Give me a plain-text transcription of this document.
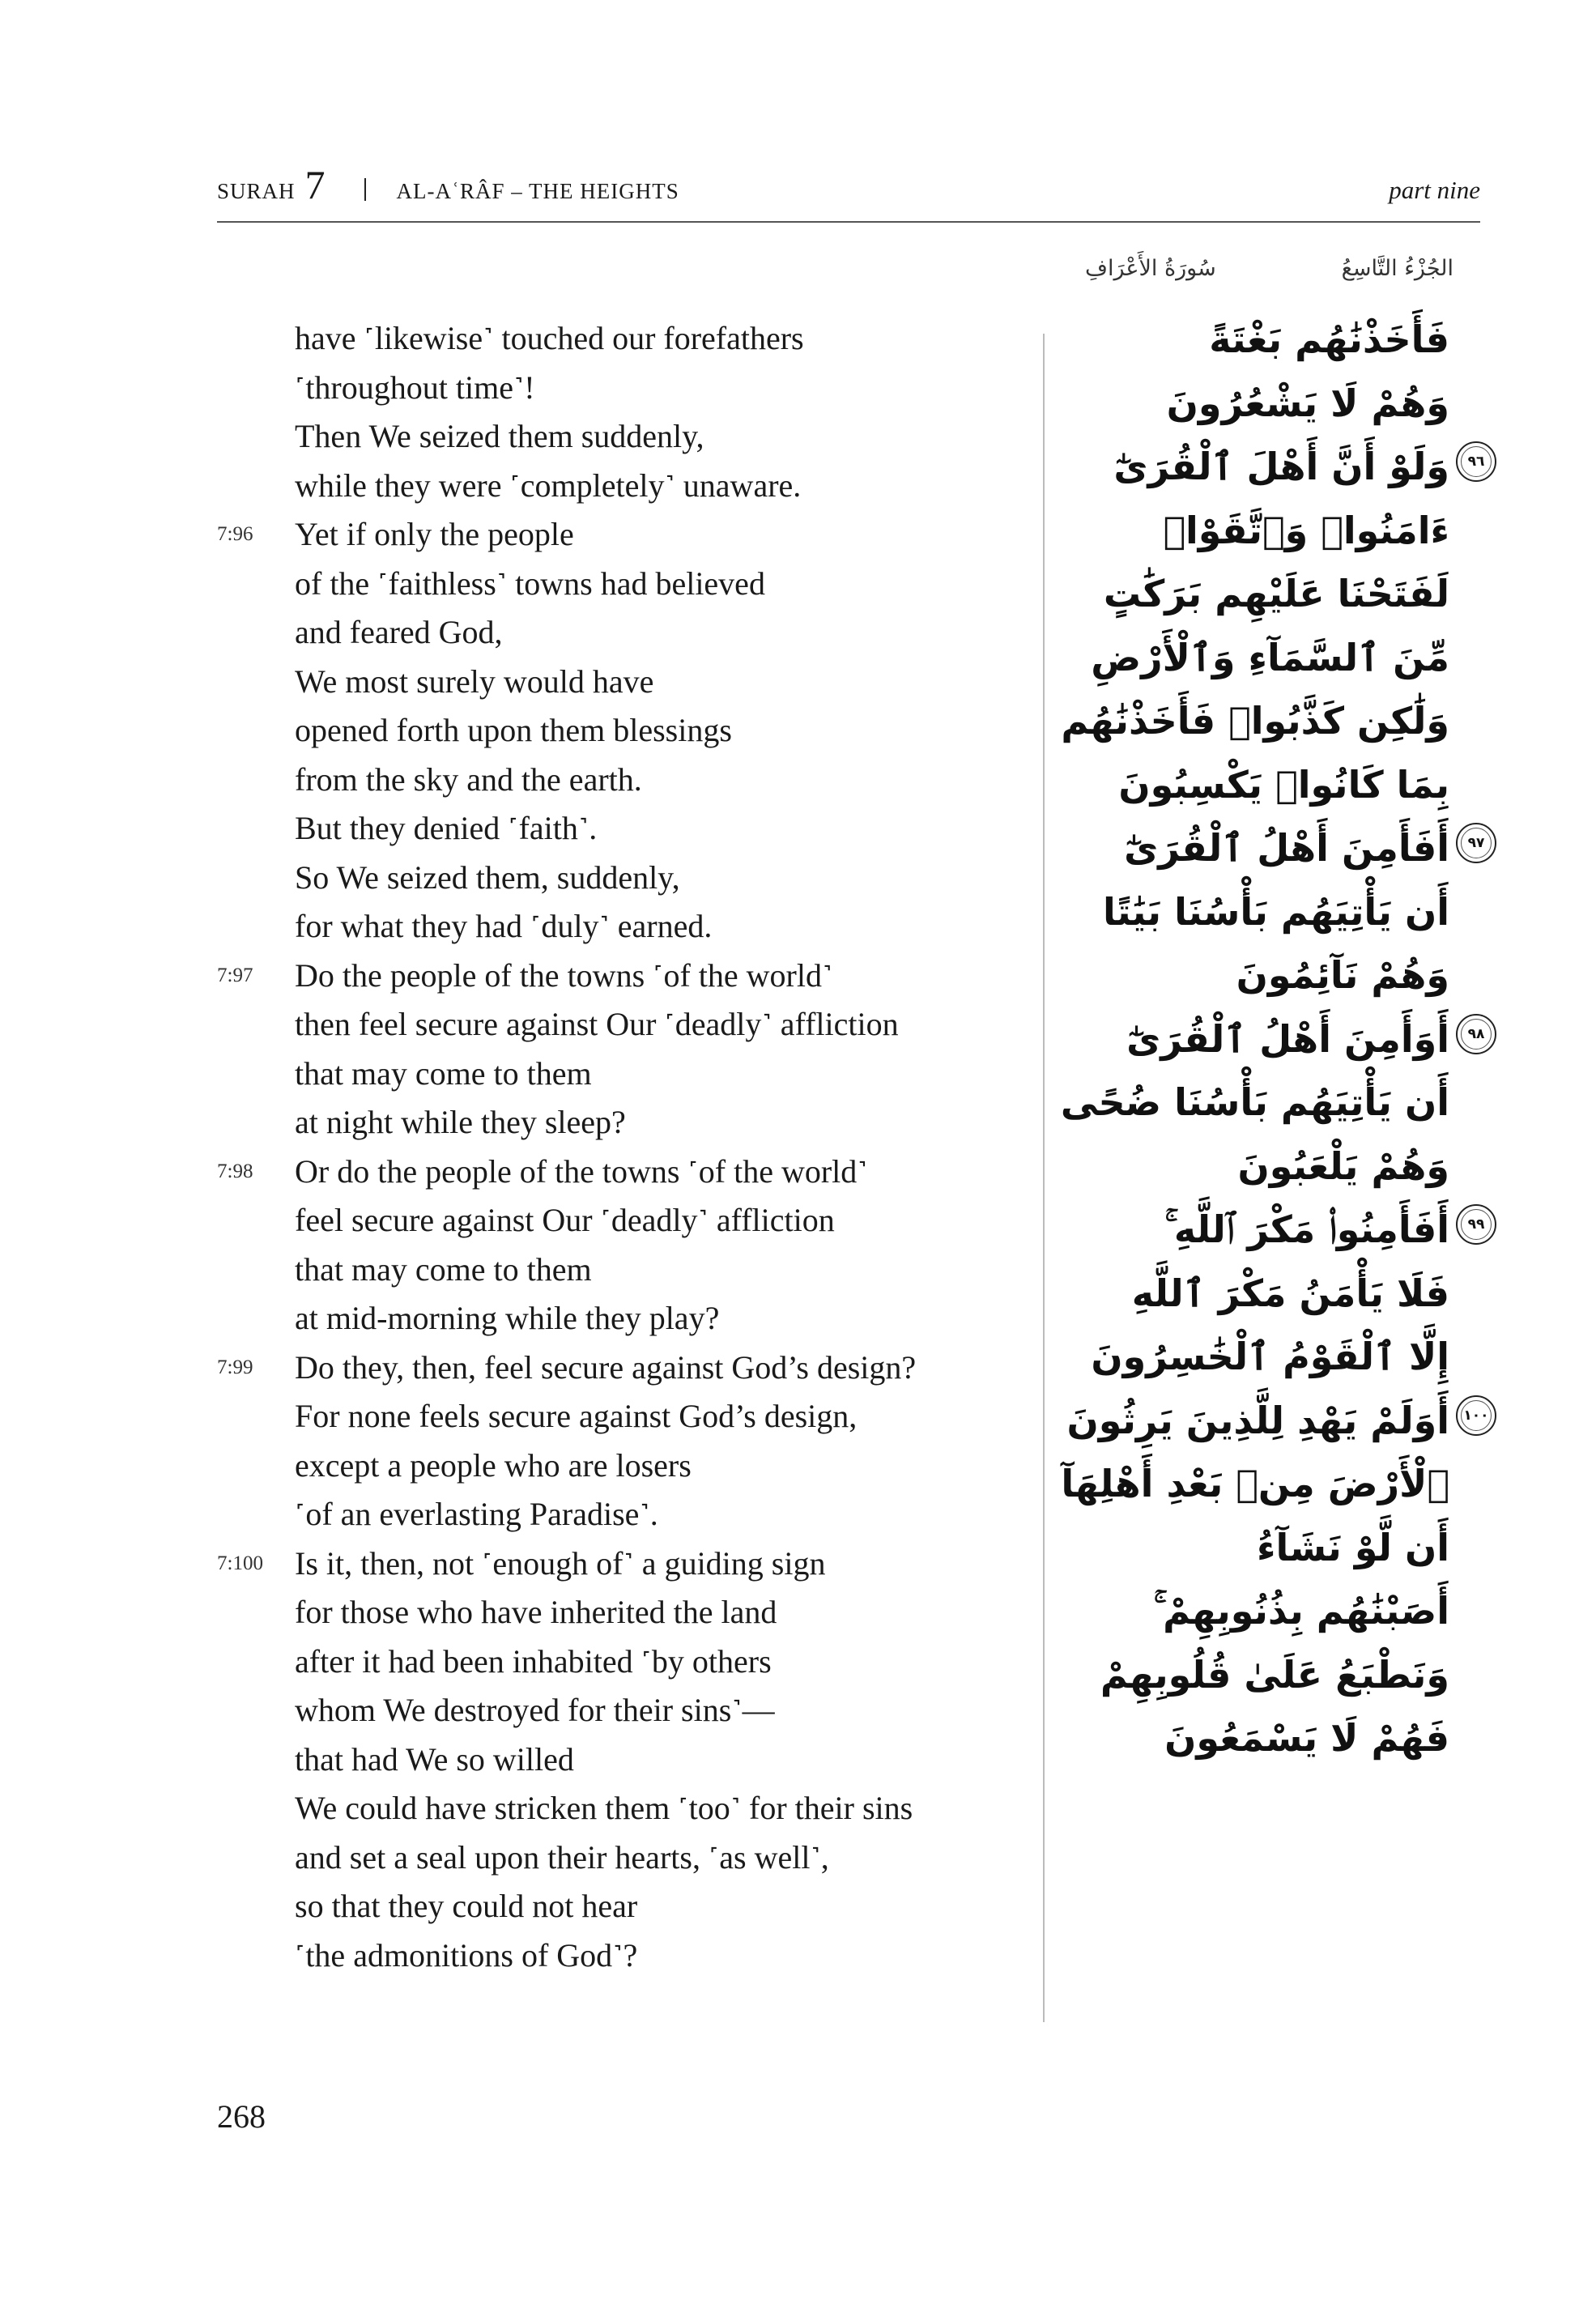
SURAH 7	AL-AʿRÂF – THE HEIGHTS	part nine
الجُزْءُ التَّاسِعُ
سُورَةُ الأَعْرَافِ
have ˹likewise˺ touched our forefathers
˹throughout time˺!
Then We seized them suddenly,
while they were ˹completely˺ unaware.
7:96 Yet if only the people
of the ˹faithless˺ towns had believed
and feared God,
We most surely would have
opened forth upon them blessings
from the sky and the earth.
But they denied ˹faith˺.
So We seized them, suddenly,
for what they had ˹duly˺ earned.
7:97 Do the people of the towns ˹of the world˺
then feel secure against Our ˹deadly˺ affliction
that may come to them
at night while they sleep?
7:98 Or do the people of the towns ˹of the world˺
feel secure against Our ˹deadly˺ affliction
that may come to them
at mid-morning while they play?
7:99 Do they, then, feel secure against God’s design?
For none feels secure against God’s design,
except a people who are losers
˹of an everlasting Paradise˺.
7:100 Is it, then, not ˹enough of˺ a guiding sign
for those who have inherited the land
after it had been inhabited ˹by others
whom We destroyed for their sins˺—
that had We so willed
We could have stricken them ˹too˺ for their sins
and set a seal upon their hearts, ˹as well˺,
so that they could not hear
˹the admonitions of God˺?
فَأَخَذْنَٰهُم بَغْتَةً
وَهُمْ لَا يَشْعُرُونَ
وَلَوْ أَنَّ أَهْلَ ٱلْقُرَىٰٓ	٩٦
ءَامَنُوا۟ وَٱتَّقَوْا۟
لَفَتَحْنَا عَلَيْهِم بَرَكَٰتٍ
مِّنَ ٱلسَّمَآءِ وَٱلْأَرْضِ
وَلَٰكِن كَذَّبُوا۟ فَأَخَذْنَٰهُم
بِمَا كَانُوا۟ يَكْسِبُونَ
أَفَأَمِنَ أَهْلُ ٱلْقُرَىٰٓ	٩٧
أَن يَأْتِيَهُم بَأْسُنَا بَيَٰتًا
وَهُمْ نَآئِمُونَ
أَوَأَمِنَ أَهْلُ ٱلْقُرَىٰٓ	٩٨
أَن يَأْتِيَهُم بَأْسُنَا ضُحًى
وَهُمْ يَلْعَبُونَ
أَفَأَمِنُوا۟ مَكْرَ ٱللَّهِ ۚ	٩٩
فَلَا يَأْمَنُ مَكْرَ ٱللَّهِ
إِلَّا ٱلْقَوْمُ ٱلْخَٰسِرُونَ
أَوَلَمْ يَهْدِ لِلَّذِينَ يَرِثُونَ	١٠٠
ٱلْأَرْضَ مِنۢ بَعْدِ أَهْلِهَآ
أَن لَّوْ نَشَآءُ
أَصَبْنَٰهُم بِذُنُوبِهِمْ ۚ
وَنَطْبَعُ عَلَىٰ قُلُوبِهِمْ
فَهُمْ لَا يَسْمَعُونَ
268
